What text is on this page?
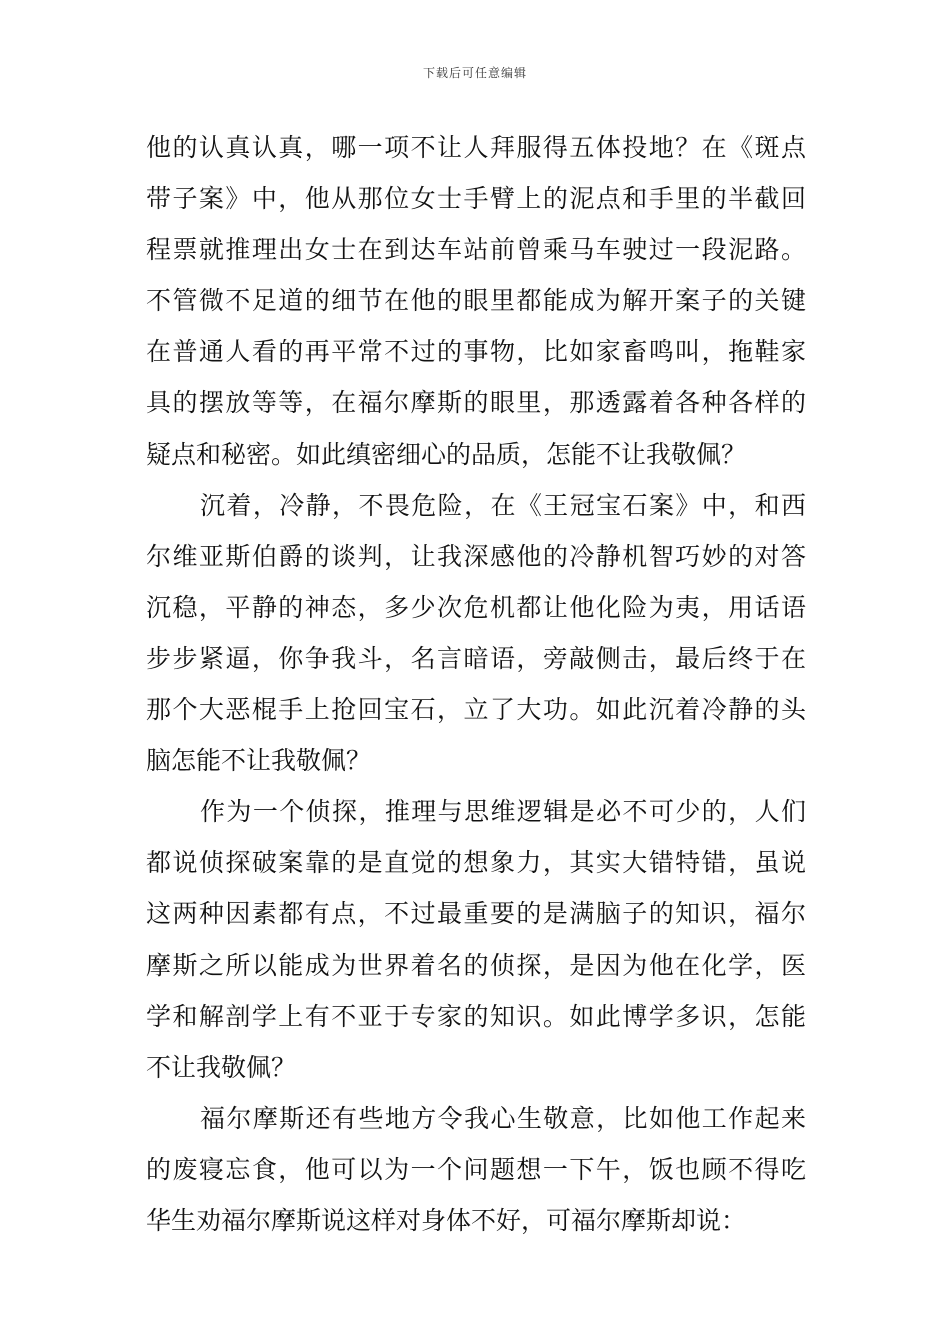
下载后可任意编辑
他的认真认真，哪一项不让人拜服得五体投地？在《斑点
带子案》中，他从那位女士手臂上的泥点和手里的半截回
程票就推理出女士在到达车站前曾乘马车驶过一段泥路。
不管微不足道的细节在他的眼里都能成为解开案子的关键
在普通人看的再平常不过的事物，比如家畜鸣叫，拖鞋家
具的摆放等等，在福尔摩斯的眼里，那透露着各种各样的
疑点和秘密。如此缜密细心的品质，怎能不让我敬佩？
沉着，冷静，不畏危险，在《王冠宝石案》中，和西
尔维亚斯伯爵的谈判，让我深感他的冷静机智巧妙的对答
沉稳，平静的神态，多少次危机都让他化险为夷，用话语
步步紧逼，你争我斗，名言暗语，旁敲侧击，最后终于在
那个大恶棍手上抢回宝石，立了大功。如此沉着冷静的头
脑怎能不让我敬佩？
作为一个侦探，推理与思维逻辑是必不可少的，人们
都说侦探破案靠的是直觉的想象力，其实大错特错，虽说
这两种因素都有点，不过最重要的是满脑子的知识，福尔
摩斯之所以能成为世界着名的侦探，是因为他在化学，医
学和解剖学上有不亚于专家的知识。如此博学多识，怎能
不让我敬佩？
福尔摩斯还有些地方令我心生敬意，比如他工作起来
的废寝忘食，他可以为一个问题想一下午，饭也顾不得吃
华生劝福尔摩斯说这样对身体不好，可福尔摩斯却说：
